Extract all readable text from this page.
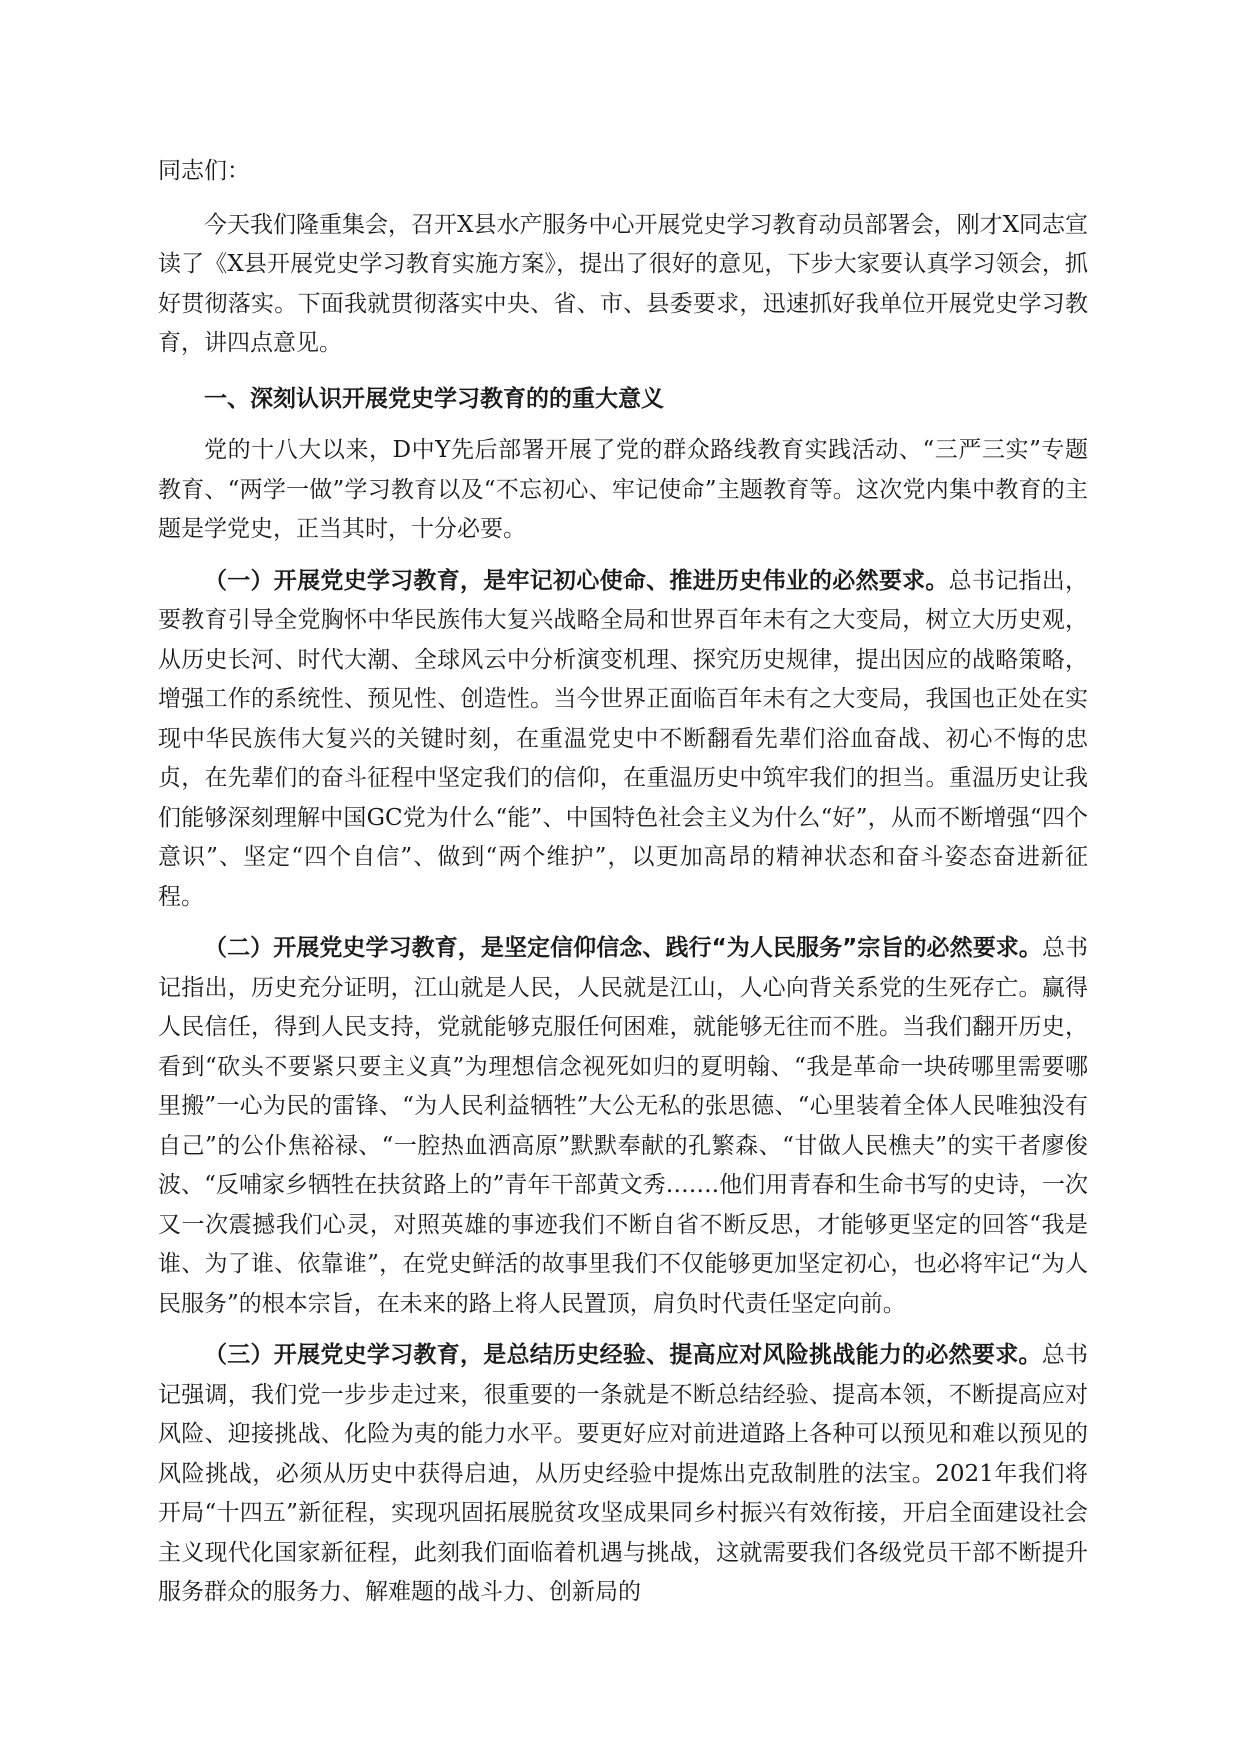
同志们：

今天我们隆重集会，召开X县水产服务中心开展党史学习教育动员部署会，刚才X同志宣读了《X县开展党史学习教育实施方案》，提出了很好的意见，下步大家要认真学习领会，抓好贯彻落实。下面我就贯彻落实中央、省、市、县委要求，迅速抓好我单位开展党史学习教育，讲四点意见。

一、深刻认识开展党史学习教育的的重大意义

党的十八大以来，D中Y先后部署开展了党的群众路线教育实践活动、“三严三实”专题教育、“两学一做”学习教育以及“不忘初心、牢记使命”主题教育等。这次党内集中教育的主题是学党史，正当其时，十分必要。

（一）开展党史学习教育，是牢记初心使命、推进历史伟业的必然要求。总书记指出，要教育引导全党胸怀中华民族伟大复兴战略全局和世界百年未有之大变局，树立大历史观，从历史长河、时代大潮、全球风云中分析演变机理、探究历史规律，提出因应的战略策略，增强工作的系统性、预见性、创造性。当今世界正面临百年未有之大变局，我国也正处在实现中华民族伟大复兴的关键时刻，在重温党史中不断翻看先辈们浴血奋战、初心不悔的忠贞，在先辈们的奋斗征程中坚定我们的信仰，在重温历史中筑牢我们的担当。重温历史让我们能够深刻理解中国GC党为什么“能”、中国特色社会主义为什么“好”，从而不断增强“四个意识”、坚定“四个自信”、做到“两个维护”，以更加高昂的精神状态和奋斗姿态奋进新征程。

（二）开展党史学习教育，是坚定信仰信念、践行“为人民服务”宗旨的必然要求。总书记指出，历史充分证明，江山就是人民，人民就是江山，人心向背关系党的生死存亡。赢得人民信任，得到人民支持，党就能够克服任何困难，就能够无往而不胜。当我们翻开历史，看到“砍头不要紧只要主义真”为理想信念视死如归的夏明翰、“我是革命一块砖哪里需要哪里搬”一心为民的雷锋、“为人民利益牺牲”大公无私的张思德、“心里装着全体人民唯独没有自己”的公仆焦裕禄、“一腔热血洒高原”默默奉献的孔繁森、“甘做人民樵夫”的实干者廖俊波、“反哺家乡牺牲在扶贫路上的”青年干部黄文秀…….他们用青春和生命书写的史诗，一次又一次震撼我们心灵，对照英雄的事迹我们不断自省不断反思，才能够更坚定的回答“我是谁、为了谁、依靠谁”，在党史鲜活的故事里我们不仅能够更加坚定初心，也必将牢记“为人民服务”的根本宗旨，在未来的路上将人民置顶，肩负时代责任坚定向前。

（三）开展党史学习教育，是总结历史经验、提高应对风险挑战能力的必然要求。总书记强调，我们党一步步走过来，很重要的一条就是不断总结经验、提高本领，不断提高应对风险、迎接挑战、化险为夷的能力水平。要更好应对前进道路上各种可以预见和难以预见的风险挑战，必须从历史中获得启迪，从历史经验中提炼出克敌制胜的法宝。2021年我们将开局“十四五”新征程，实现巩固拓展脱贫攻坚成果同乡村振兴有效衔接，开启全面建设社会主义现代化国家新征程，此刻我们面临着机遇与挑战，这就需要我们各级党员干部不断提升服务群众的服务力、解难题的战斗力、创新局的
